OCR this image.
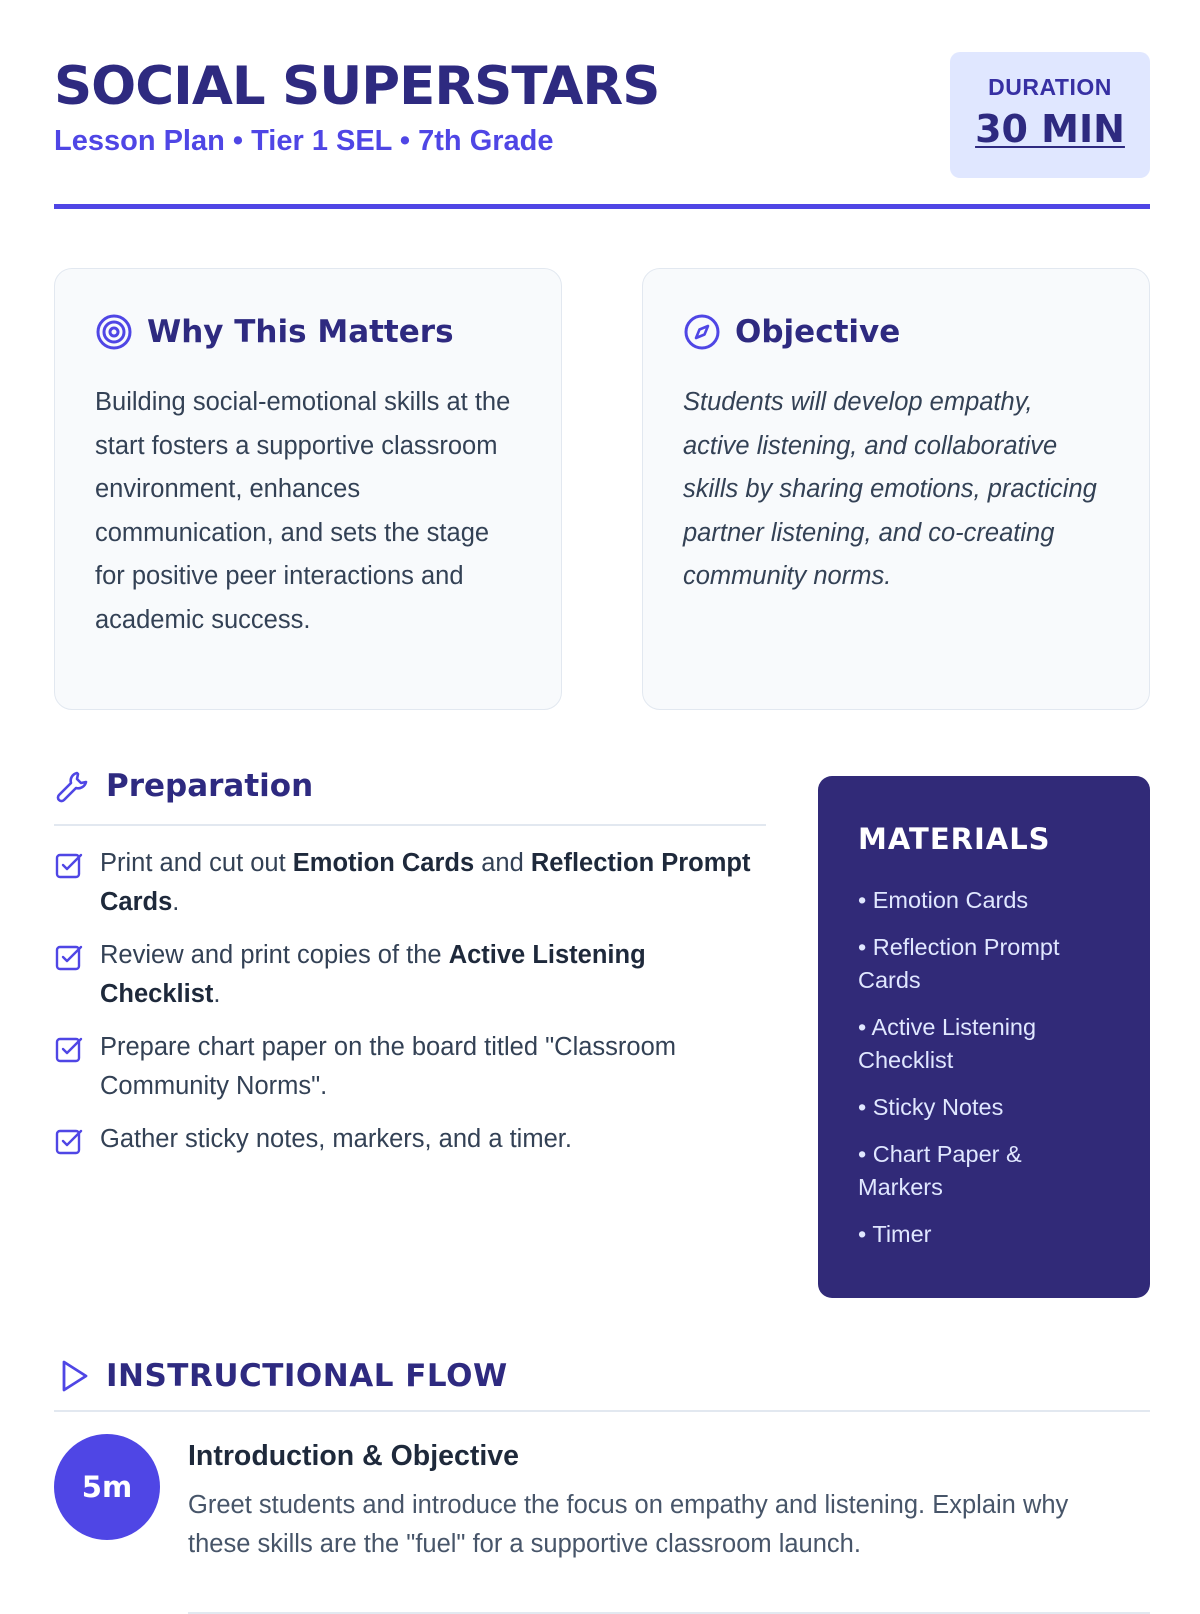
SOCIAL SUPERSTARS
Lesson Plan • Tier 1 SEL • 7th Grade
DURATION
30 MIN
Why This Matters

Building social-emotional skills at the start fosters a supportive classroom environment, enhances communication, and sets the stage for positive peer interactions and academic success.

Objective

Students will develop empathy, active listening, and collaborative skills by sharing emotions, practicing partner listening, and co-creating community norms.

Preparation
Print and cut out Emotion Cards and Reflection Prompt Cards.
Review and print copies of the Active Listening Checklist.
Prepare chart paper on the board titled "Classroom Community Norms".
Gather sticky notes, markers, and a timer.
MATERIALS
• Emotion Cards
• Reflection Prompt Cards
• Active Listening Checklist
• Sticky Notes
• Chart Paper & Markers
• Timer
INSTRUCTIONAL FLOW
5m
Introduction & Objective

Greet students and introduce the focus on empathy and listening. Explain why these skills are the "fuel" for a supportive classroom launch.
